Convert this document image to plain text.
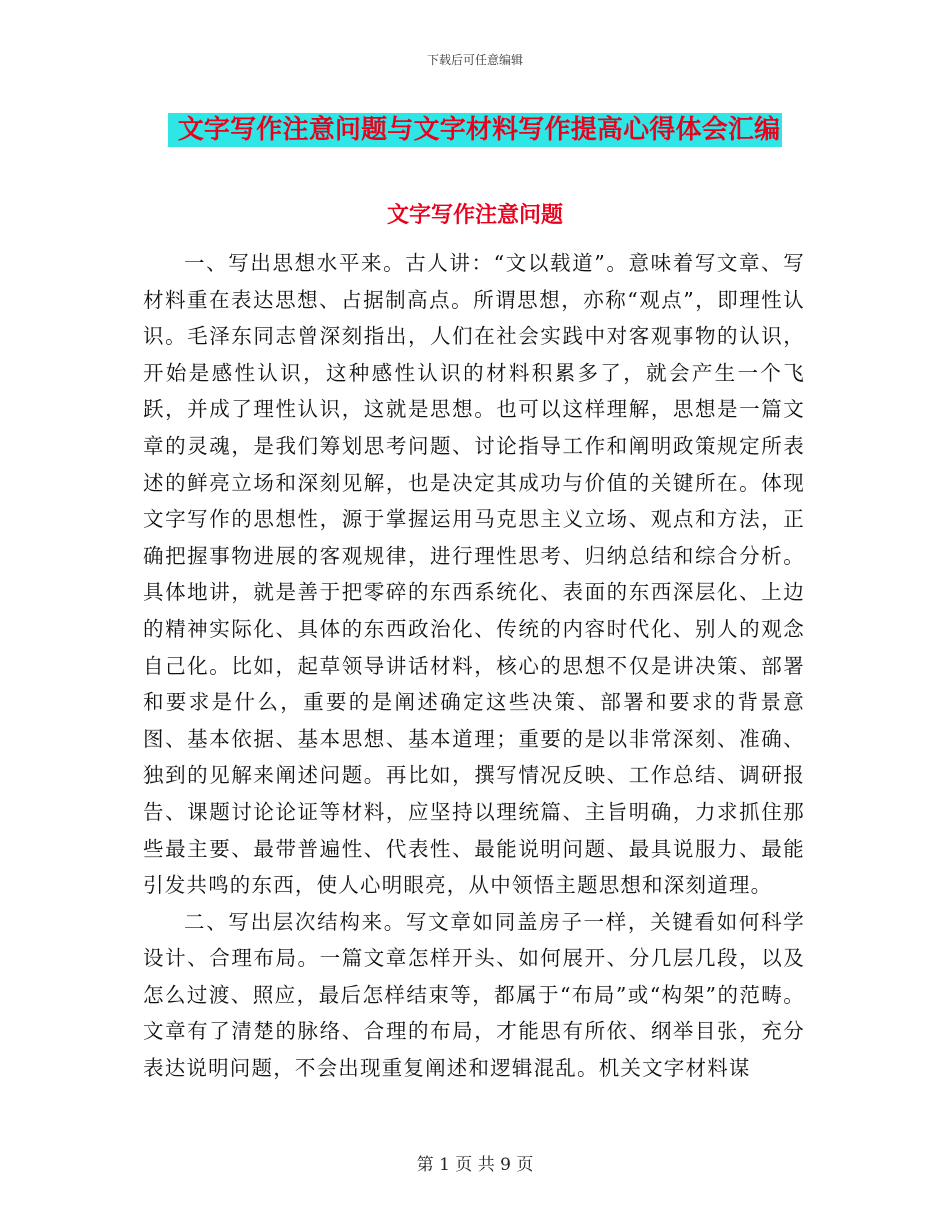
下载后可任意编辑
文字写作注意问题与文字材料写作提高心得体会汇编
文字写作注意问题

一、写出思想水平来。古人讲：“文以载道”。意味着写文章、写材料重在表达思想、占据制高点。所谓思想，亦称“观点”，即理性认识。毛泽东同志曾深刻指出，人们在社会实践中对客观事物的认识，开始是感性认识，这种感性认识的材料积累多了，就会产生一个飞跃，并成了理性认识，这就是思想。也可以这样理解，思想是一篇文章的灵魂，是我们筹划思考问题、讨论指导工作和阐明政策规定所表述的鲜亮立场和深刻见解，也是决定其成功与价值的关键所在。体现文字写作的思想性，源于掌握运用马克思主义立场、观点和方法，正确把握事物进展的客观规律，进行理性思考、归纳总结和综合分析。具体地讲，就是善于把零碎的东西系统化、表面的东西深层化、上边的精神实际化、具体的东西政治化、传统的内容时代化、别人的观念自己化。比如，起草领导讲话材料，核心的思想不仅是讲决策、部署和要求是什么，重要的是阐述确定这些决策、部署和要求的背景意图、基本依据、基本思想、基本道理；重要的是以非常深刻、准确、独到的见解来阐述问题。再比如，撰写情况反映、工作总结、调研报告、课题讨论论证等材料，应坚持以理统篇、主旨明确，力求抓住那些最主要、最带普遍性、代表性、最能说明问题、最具说服力、最能引发共鸣的东西，使人心明眼亮，从中领悟主题思想和深刻道理。

二、写出层次结构来。写文章如同盖房子一样，关键看如何科学设计、合理布局。一篇文章怎样开头、如何展开、分几层几段，以及怎么过渡、照应，最后怎样结束等，都属于“布局”或“构架”的范畴。文章有了清楚的脉络、合理的布局，才能思有所依、纲举目张，充分表达说明问题，不会出现重复阐述和逻辑混乱。机关文字材料谋

第 1 页 共 9 页
